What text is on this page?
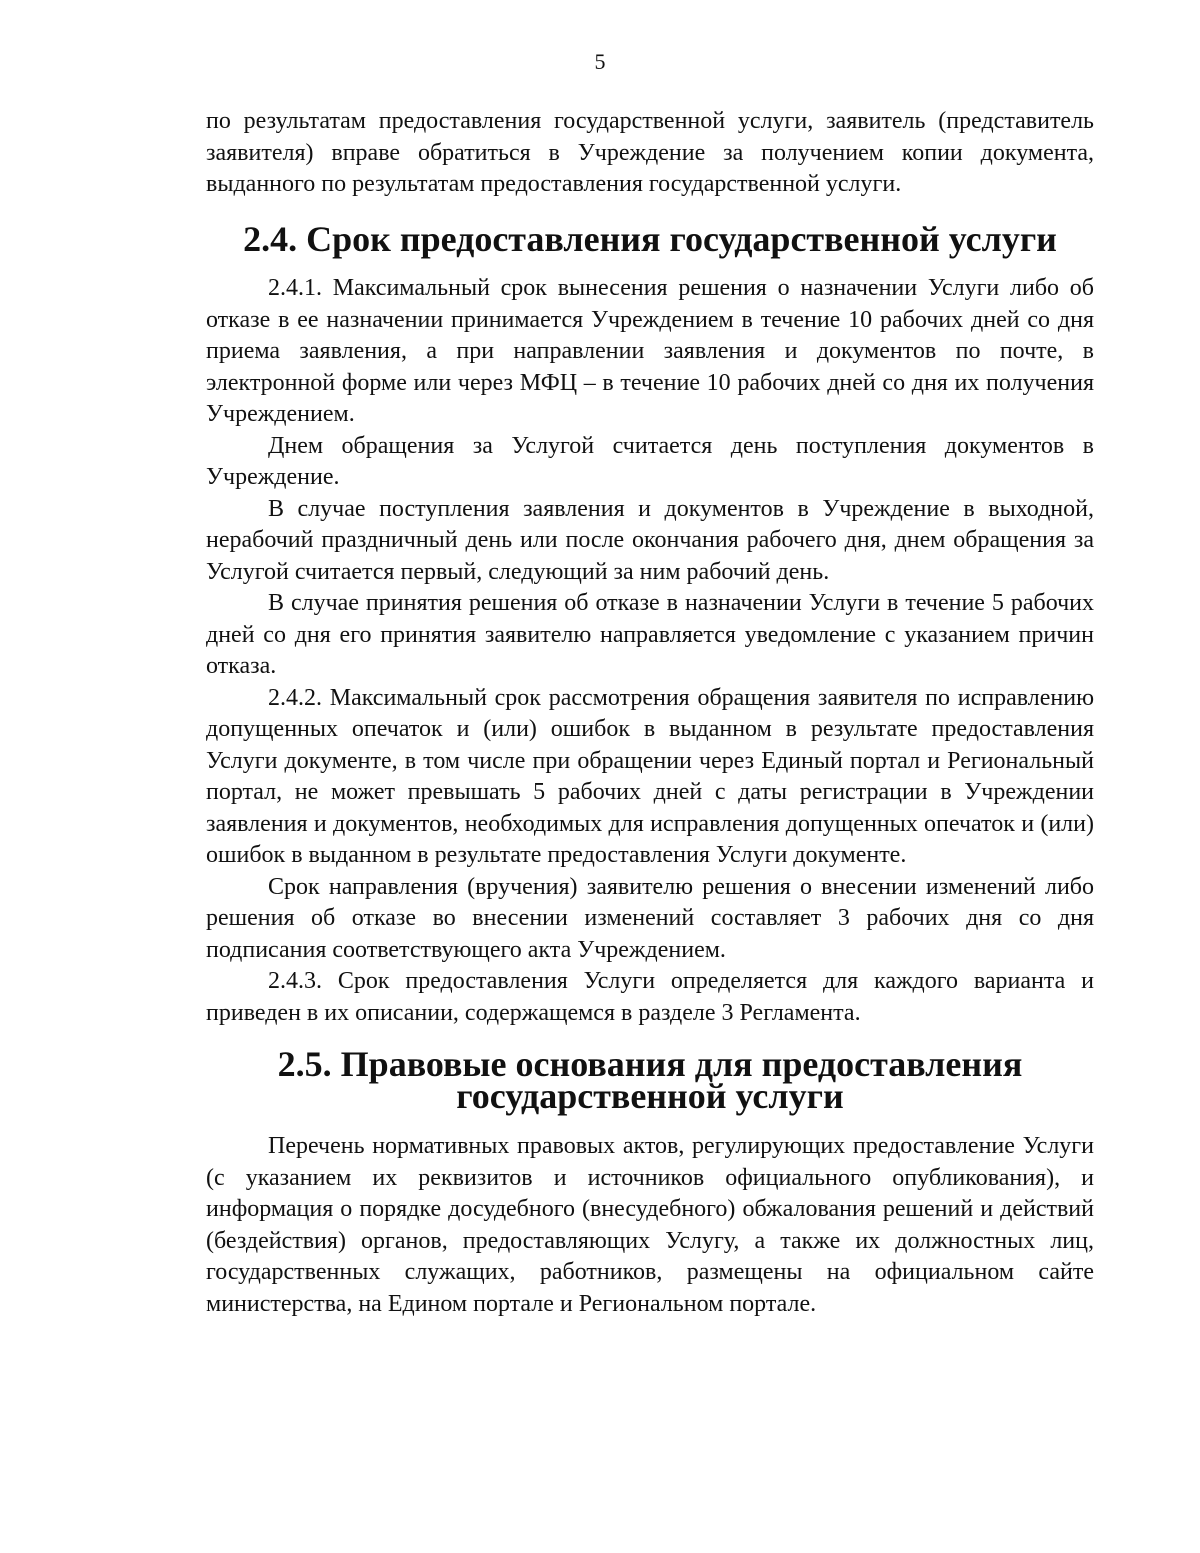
5

по результатам предоставления государственной услуги, заявитель (представитель заявителя) вправе обратиться в Учреждение за получением копии документа, выданного по результатам предоставления государственной услуги.

2.4. Срок предоставления государственной услуги

2.4.1. Максимальный срок вынесения решения о назначении Услуги либо об отказе в ее назначении принимается Учреждением в течение 10 рабочих дней со дня приема заявления, а при направлении заявления и документов по почте, в электронной форме или через МФЦ – в течение 10 рабочих дней со дня их получения Учреждением.

Днем обращения за Услугой считается день поступления документов в Учреждение.

В случае поступления заявления и документов в Учреждение в выходной, нерабочий праздничный день или после окончания рабочего дня, днем обращения за Услугой считается первый, следующий за ним рабочий день.

В случае принятия решения об отказе в назначении Услуги в течение 5 рабочих дней со дня его принятия заявителю направляется уведомление с указанием причин отказа.

2.4.2. Максимальный срок рассмотрения обращения заявителя по исправлению допущенных опечаток и (или) ошибок в выданном в результате предоставления Услуги документе, в том числе при обращении через Единый портал и Региональный портал, не может превышать 5 рабочих дней с даты регистрации в Учреждении заявления и документов, необходимых для исправления допущенных опечаток и (или) ошибок в выданном в результате предоставления Услуги документе.

Срок направления (вручения) заявителю решения о внесении изменений либо решения об отказе во внесении изменений составляет 3 рабочих дня со дня подписания соответствующего акта Учреждением.

2.4.3. Срок предоставления Услуги определяется для каждого варианта и приведен в их описании, содержащемся в разделе 3 Регламента.

2.5. Правовые основания для предоставления
государственной услуги

Перечень нормативных правовых актов, регулирующих предоставление Услуги (с указанием их реквизитов и источников официального опубликования), и информация о порядке досудебного (внесудебного) обжалования решений и действий (бездействия) органов, предоставляющих Услугу, а также их должностных лиц, государственных служащих, работников, размещены на официальном сайте министерства, на Едином портале и Региональном портале.
